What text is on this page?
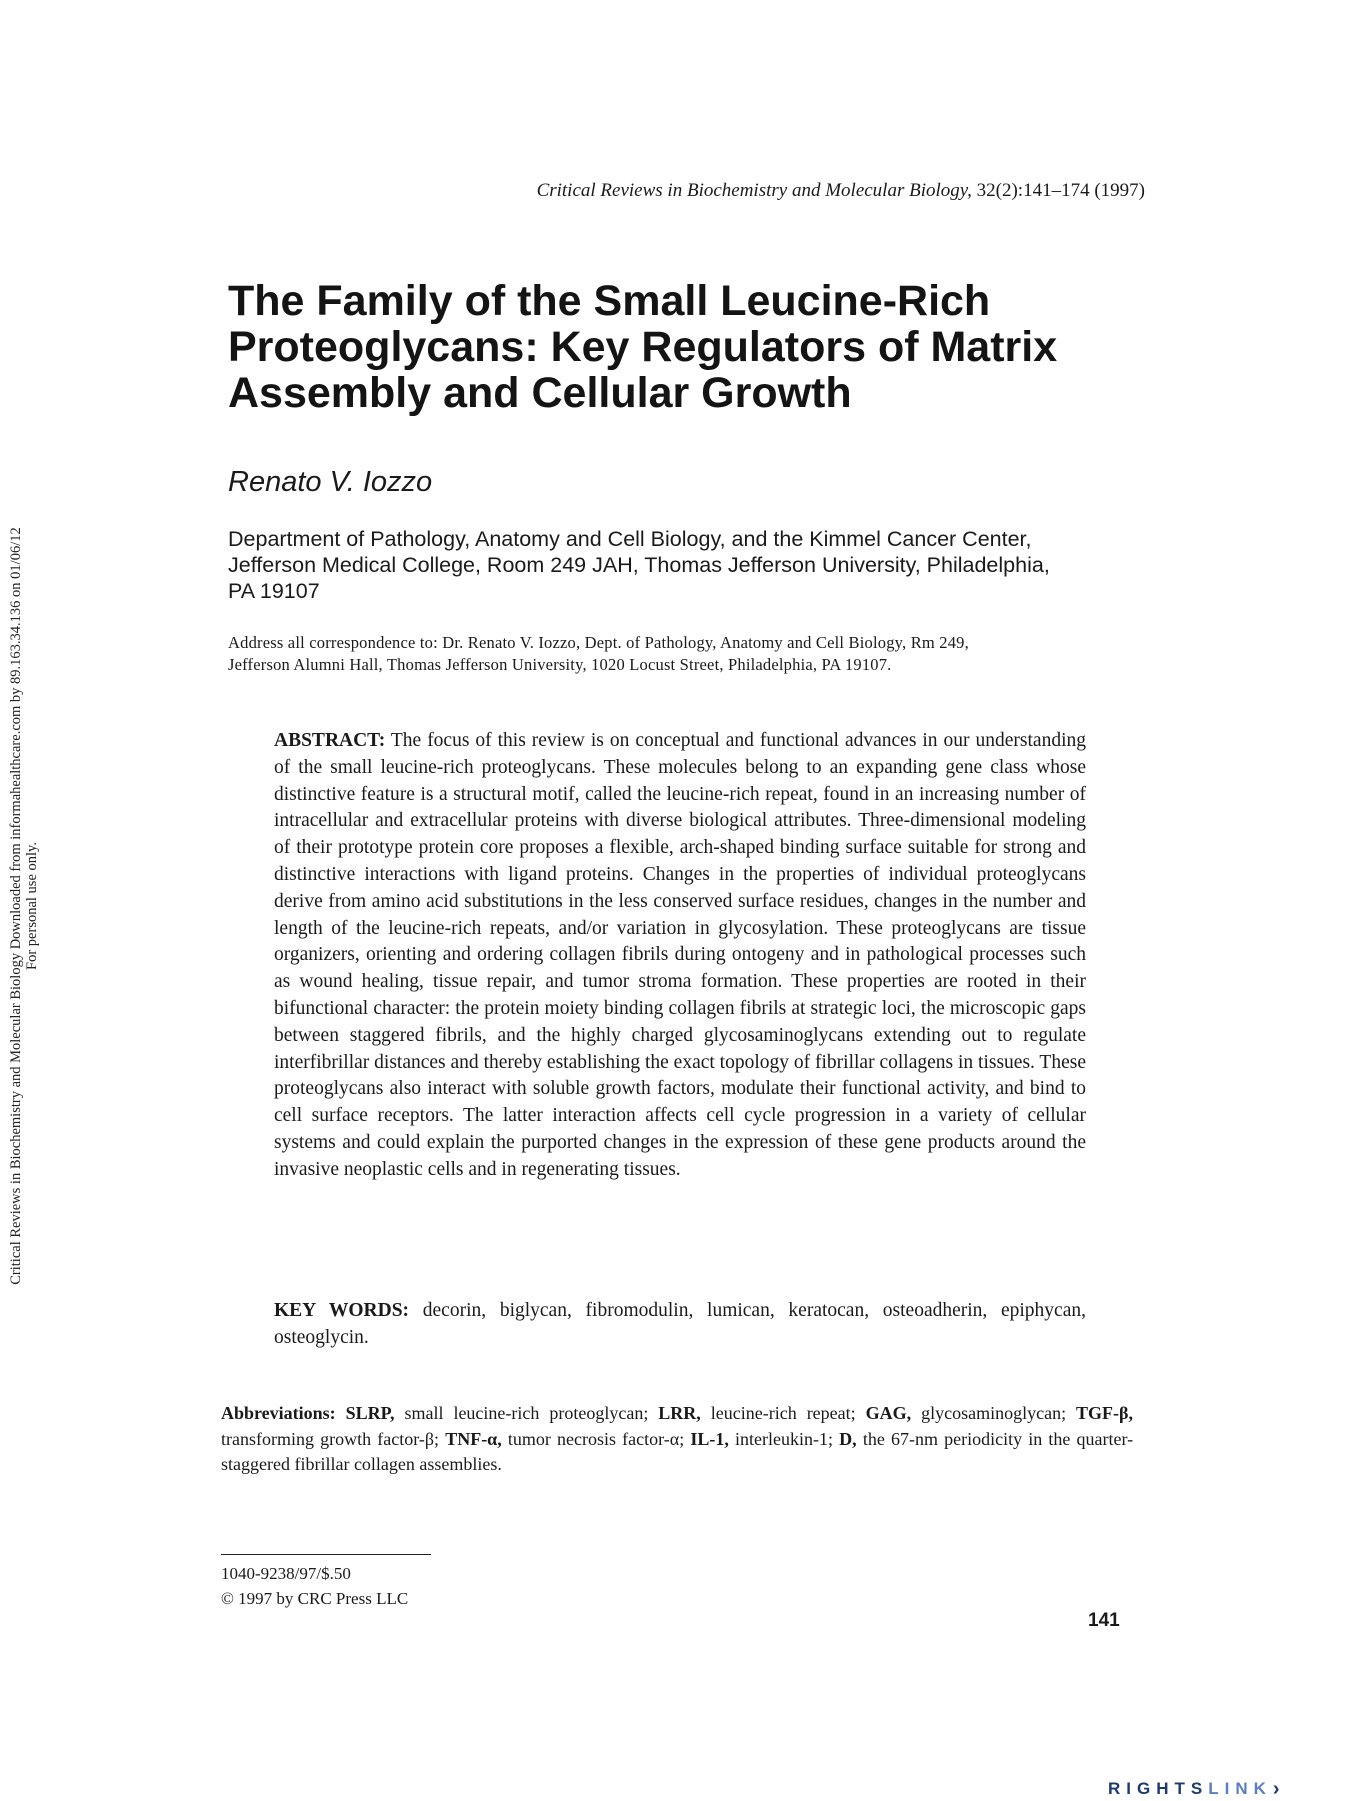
Critical Reviews in Biochemistry and Molecular Biology, 32(2):141–174 (1997)
The Family of the Small Leucine-Rich
Proteoglycans: Key Regulators of Matrix
Assembly and Cellular Growth
Renato V. Iozzo
Department of Pathology, Anatomy and Cell Biology, and the Kimmel Cancer Center,
Jefferson Medical College, Room 249 JAH, Thomas Jefferson University, Philadelphia,
PA 19107
Address all correspondence to: Dr. Renato V. Iozzo, Dept. of Pathology, Anatomy and Cell Biology, Rm 249,
Jefferson Alumni Hall, Thomas Jefferson University, 1020 Locust Street, Philadelphia, PA 19107.
ABSTRACT: The focus of this review is on conceptual and functional advances in our understanding of the small leucine-rich proteoglycans. These molecules belong to an expanding gene class whose distinctive feature is a structural motif, called the leucine-rich repeat, found in an increasing number of intracellular and extracellular proteins with diverse biological attributes. Three-dimensional modeling of their prototype protein core proposes a flexible, arch-shaped binding surface suitable for strong and distinctive interactions with ligand proteins. Changes in the properties of individual proteoglycans derive from amino acid substitutions in the less conserved surface residues, changes in the number and length of the leucine-rich repeats, and/or variation in glycosylation. These proteoglycans are tissue organizers, orienting and ordering collagen fibrils during ontogeny and in pathological processes such as wound healing, tissue repair, and tumor stroma formation. These properties are rooted in their bifunctional character: the protein moiety binding collagen fibrils at strategic loci, the microscopic gaps between staggered fibrils, and the highly charged glycosaminoglycans extending out to regulate interfibrillar distances and thereby establishing the exact topology of fibrillar collagens in tissues. These proteoglycans also interact with soluble growth factors, modulate their functional activity, and bind to cell surface receptors. The latter interaction affects cell cycle progression in a variety of cellular systems and could explain the purported changes in the expression of these gene products around the invasive neoplastic cells and in regenerating tissues.
KEY WORDS: decorin, biglycan, fibromodulin, lumican, keratocan, osteoadherin, epiphycan, osteoglycin.
Abbreviations: SLRP, small leucine-rich proteoglycan; LRR, leucine-rich repeat; GAG, glycosaminoglycan; TGF-β, transforming growth factor-β; TNF-α, tumor necrosis factor-α; IL-1, interleukin-1; D, the 67-nm periodicity in the quarter-staggered fibrillar collagen assemblies.
1040-9238/97/$.50
© 1997 by CRC Press LLC
141
Critical Reviews in Biochemistry and Molecular Biology Downloaded from informahealthcare.com by 89.163.34.136 on 01/06/12 For personal use only.
RIGHTS LINK ›
